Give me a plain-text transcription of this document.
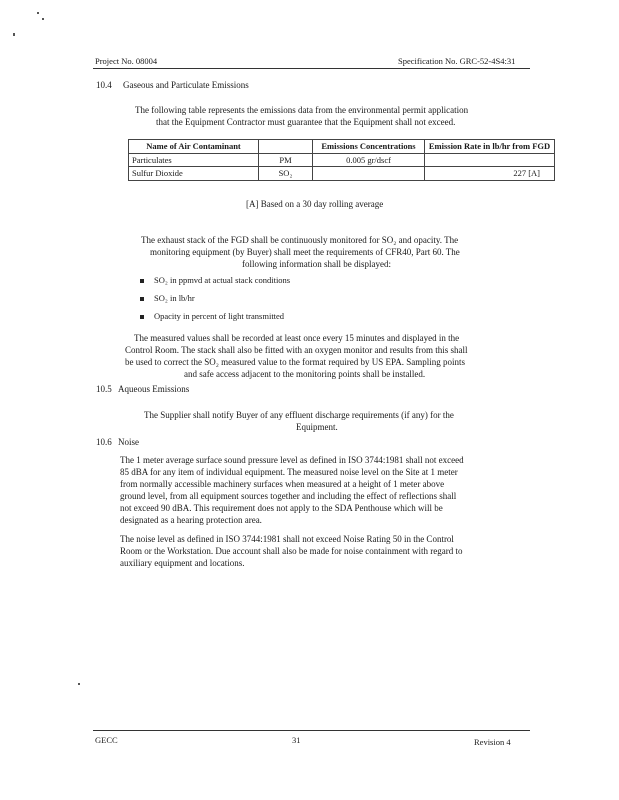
Project No. 08004	Specification No. GRC-52-4S4:31
10.4 Gaseous and Particulate Emissions
The following table represents the emissions data from the environmental permit application
that the Equipment Contractor must guarantee that the Equipment shall not exceed.
Name of Air Contaminant		Emissions Concentrations	Emission Rate in lb/hr from FGD
Particulates	PM	0.005 gr/dscf	
Sulfur Dioxide	SO₂		227 [A]
[A] Based on a 30 day rolling average
The exhaust stack of the FGD shall be continuously monitored for SO₂ and opacity. The
monitoring equipment (by Buyer) shall meet the requirements of CFR40, Part 60. The
following information shall be displayed:
SO₂ in ppmvd at actual stack conditions
SO₂ in lb/hr
Opacity in percent of light transmitted
The measured values shall be recorded at least once every 15 minutes and displayed in the
Control Room. The stack shall also be fitted with an oxygen monitor and results from this shall
be used to correct the SO₂ measured value to the format required by US EPA. Sampling points
and safe access adjacent to the monitoring points shall be installed.
10.5 Aqueous Emissions
The Supplier shall notify Buyer of any effluent discharge requirements (if any) for the
Equipment.
10.6 Noise
The 1 meter average surface sound pressure level as defined in ISO 3744:1981 shall not exceed
85 dBA for any item of individual equipment. The measured noise level on the Site at 1 meter
from normally accessible machinery surfaces when measured at a height of 1 meter above
ground level, from all equipment sources together and including the effect of reflections shall
not exceed 90 dBA. This requirement does not apply to the SDA Penthouse which will be
designated as a hearing protection area.
The noise level as defined in ISO 3744:1981 shall not exceed Noise Rating 50 in the Control
Room or the Workstation. Due account shall also be made for noise containment with regard to
auxiliary equipment and locations.
GECC	31	Revision 4
